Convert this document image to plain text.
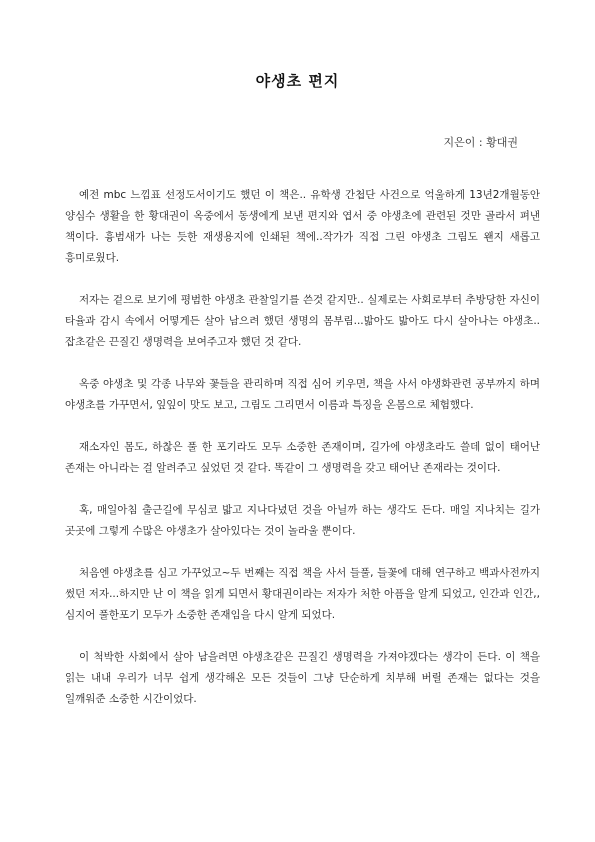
야생초 편지
지은이 : 황대권

예전 mbc 느낌표 선정도서이기도 했던 이 책은.. 유학생 간첩단 사건으로 억울하게 13년2개월동안 양심수 생활을 한 황대권이 옥중에서 동생에게 보낸 편지와 엽서 중 야생초에 관련된 것만 골라서 펴낸 책이다. 흉범새가 나는 듯한 재생용지에 인쇄된 책에..작가가 직접 그린 야생초 그림도 왠지 새롭고 흥미로웠다.

저자는 겉으로 보기에 평범한 야생초 관찰일기를 쓴것 같지만.. 실제로는 사회로부터 추방당한 자신이 타율과 감시 속에서 어떻게든 살아 남으려 했던 생명의 몸부림...밟아도 밟아도 다시 살아나는 야생초..잡초같은 끈질긴 생명력을 보여주고자 했던 것 같다.

옥중 야생초 및 각종 나무와 꽃들을 관리하며 직접 심어 키우면, 책을 사서 야생화관련 공부까지 하며 야생초를 가꾸면서, 잎잎이 맛도 보고, 그림도 그리면서 이름과 특징을 온몸으로 체험했다.

재소자인 몸도, 하찮은 풀 한 포기라도 모두 소중한 존재이며, 길가에 야생초라도 쓸데 없이 태어난 존재는 아니라는 걸 알려주고 싶었던 것 같다. 똑같이 그 생명력을 갖고 태어난 존재라는 것이다.

혹, 매일아침 출근길에 무심코 밟고 지나다녔던 것을 아닐까 하는 생각도 든다. 매일 지나치는 길가 곳곳에 그렇게 수많은 야생초가 살아있다는 것이 놀라울 뿐이다.

처음엔 야생초를 심고 가꾸었고~두 번째는 직접 책을 사서 들풀, 들꽃에 대해 연구하고 백과사전까지 썼던 저자...하지만 난 이 책을 읽게 되면서 황대권이라는 저자가 처한 아픔을 알게 되었고, 인간과 인간,,심지어 풀한포기 모두가 소중한 존재임을 다시 알게 되었다.

이 척박한 사회에서 살아 남을려면 야생초같은 끈질긴 생명력을 가져야겠다는 생각이 든다. 이 책을 읽는 내내 우리가 너무 쉽게 생각해온 모든 것들이 그냥 단순하게 치부해 버릴 존재는 없다는 것을 일깨워준 소중한 시간이었다.
